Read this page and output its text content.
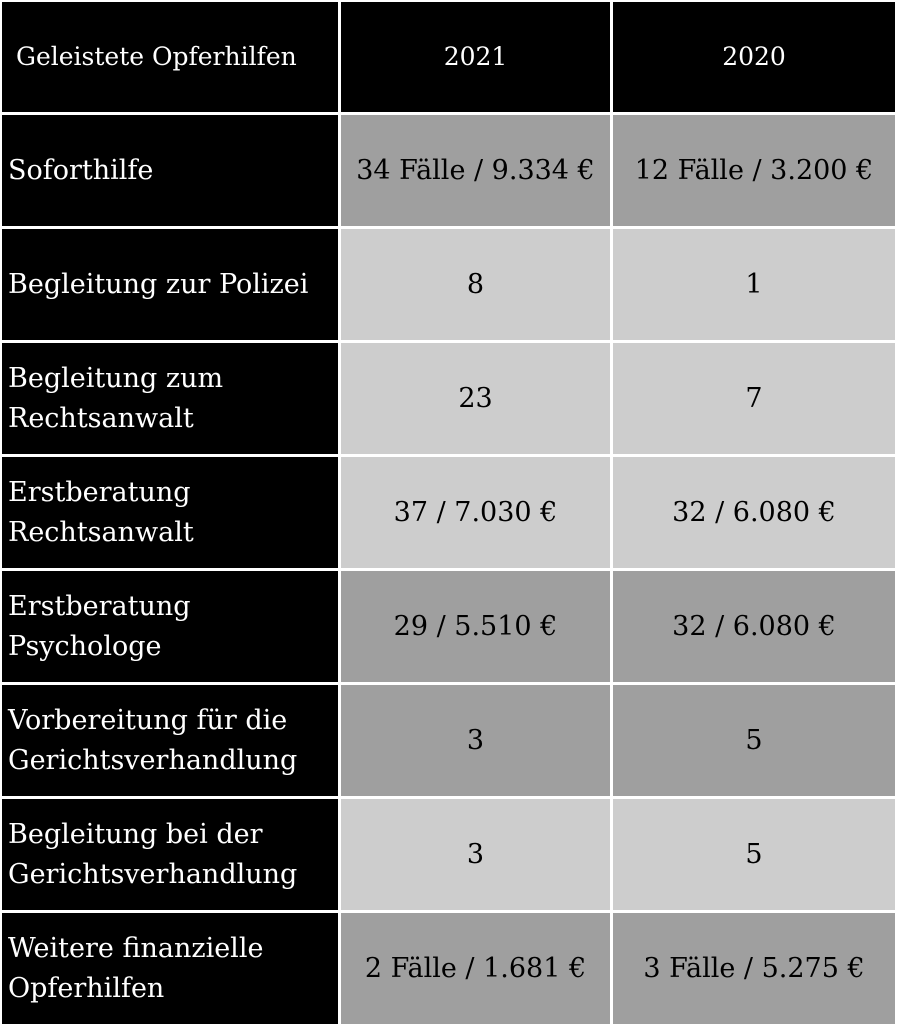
Geleistete Opferhilfen	2021	2020
Soforthilfe	34 Fälle / 9.334 €	12 Fälle / 3.200 €
Begleitung zur Polizei	8	1
Begleitung zum
Rechtsanwalt
23	7
Erstberatung
Rechtsanwalt
37 / 7.030 €	32 / 6.080 €
Erstberatung
Psychologe
29 / 5.510 €	32 / 6.080 €
Vorbereitung für die
Gerichtsverhandlung
3	5
Begleitung bei der
Gerichtsverhandlung
3	5
Weitere finanzielle
Opferhilfen
2 Fälle / 1.681 €	3 Fälle / 5.275 €
